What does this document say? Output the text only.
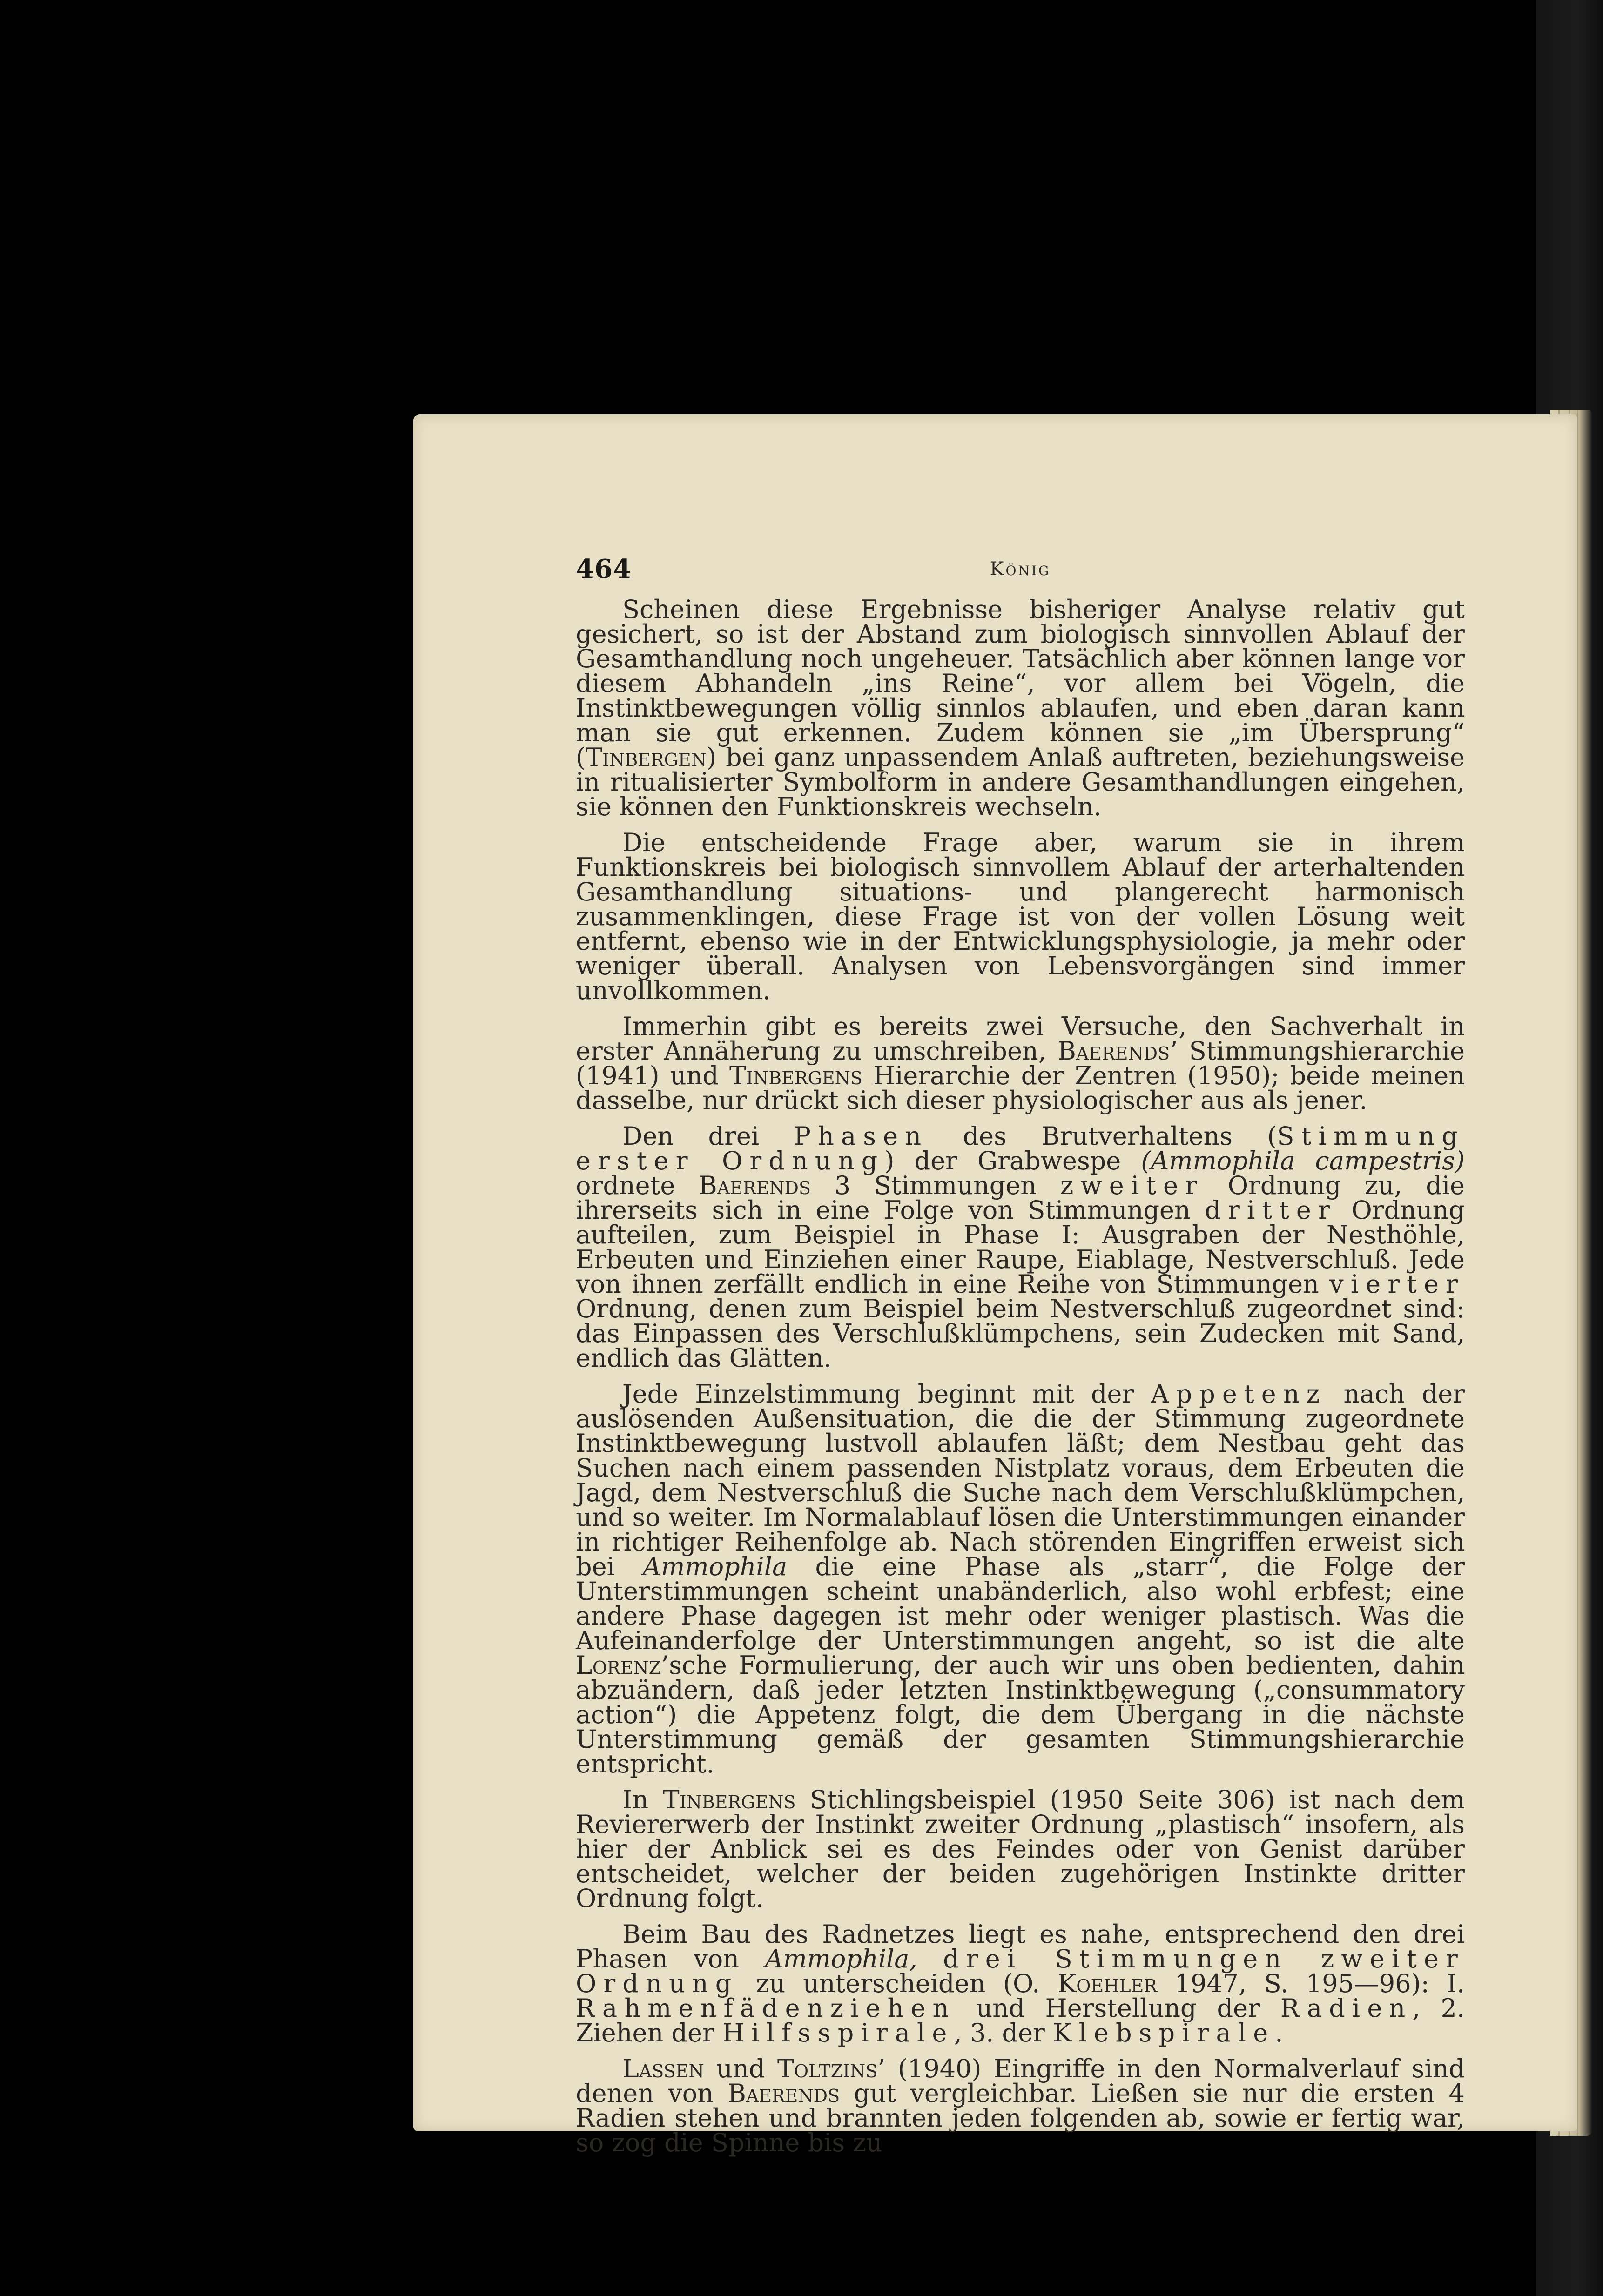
464	König

Scheinen diese Ergebnisse bisheriger Analyse relativ gut gesichert, so ist der Abstand zum biologisch sinnvollen Ablauf der Gesamthandlung noch ungeheuer. Tatsächlich aber können lange vor diesem Abhandeln „ins Reine“, vor allem bei Vögeln, die Instinktbewegungen völlig sinnlos ablaufen, und eben daran kann man sie gut erkennen. Zudem können sie „im Übersprung“ (Tinbergen) bei ganz unpassendem Anlaß auftreten, beziehungsweise in ritualisierter Symbolform in andere Gesamthandlungen eingehen, sie können den Funktionskreis wechseln.

Die entscheidende Frage aber, warum sie in ihrem Funktionskreis bei biologisch sinnvollem Ablauf der arterhaltenden Gesamthandlung situations- und plangerecht harmonisch zusammenklingen, diese Frage ist von der vollen Lösung weit entfernt, ebenso wie in der Entwicklungsphysiologie, ja mehr oder weniger überall. Analysen von Lebensvorgängen sind immer unvollkommen.

Immerhin gibt es bereits zwei Versuche, den Sachverhalt in erster Annäherung zu umschreiben, Baerends’ Stimmungshierarchie (1941) und Tinbergens Hierarchie der Zentren (1950); beide meinen dasselbe, nur drückt sich dieser physiologischer aus als jener.

Den drei Phasen des Brutverhaltens (Stimmung erster Ordnung) der Grabwespe (Ammophila campestris) ordnete Baerends 3 Stimmungen zweiter Ordnung zu, die ihrerseits sich in eine Folge von Stimmungen dritter Ordnung aufteilen, zum Beispiel in Phase I: Ausgraben der Nesthöhle, Erbeuten und Einziehen einer Raupe, Eiablage, Nestverschluß. Jede von ihnen zerfällt endlich in eine Reihe von Stimmungen vierter Ordnung, denen zum Beispiel beim Nestverschluß zugeordnet sind: das Einpassen des Verschlußklümpchens, sein Zudecken mit Sand, endlich das Glätten.

Jede Einzelstimmung beginnt mit der Appetenz nach der auslösenden Außensituation, die die der Stimmung zugeordnete Instinktbewegung lustvoll ablaufen läßt; dem Nestbau geht das Suchen nach einem passenden Nistplatz voraus, dem Erbeuten die Jagd, dem Nestverschluß die Suche nach dem Verschlußklümpchen, und so weiter. Im Normalablauf lösen die Unterstimmungen einander in richtiger Reihenfolge ab. Nach störenden Eingriffen erweist sich bei Ammophila die eine Phase als „starr“, die Folge der Unterstimmungen scheint unabänderlich, also wohl erbfest; eine andere Phase dagegen ist mehr oder weniger plastisch. Was die Aufeinanderfolge der Unterstimmungen angeht, so ist die alte Lorenz’sche Formulierung, der auch wir uns oben bedienten, dahin abzuändern, daß jeder letzten Instinktbewegung („consummatory action“) die Appetenz folgt, die dem Übergang in die nächste Unterstimmung gemäß der gesamten Stimmungshierarchie entspricht.

In Tinbergens Stichlingsbeispiel (1950 Seite 306) ist nach dem Reviererwerb der Instinkt zweiter Ordnung „plastisch“ insofern, als hier der Anblick sei es des Feindes oder von Genist darüber entscheidet, welcher der beiden zugehörigen Instinkte dritter Ordnung folgt.

Beim Bau des Radnetzes liegt es nahe, entsprechend den drei Phasen von Ammophila, drei Stimmungen zweiter Ordnung zu unterscheiden (O. Koehler 1947, S. 195—96): I. Rahmenfädenziehen und Herstellung der Radien, 2. Ziehen der Hilfsspirale, 3. der Klebspirale.

Lassen und Toltzins’ (1940) Eingriffe in den Normalverlauf sind denen von Baerends gut vergleichbar. Ließen sie nur die ersten 4 Radien stehen und brannten jeden folgenden ab, sowie er fertig war, so zog die Spinne bis zu
